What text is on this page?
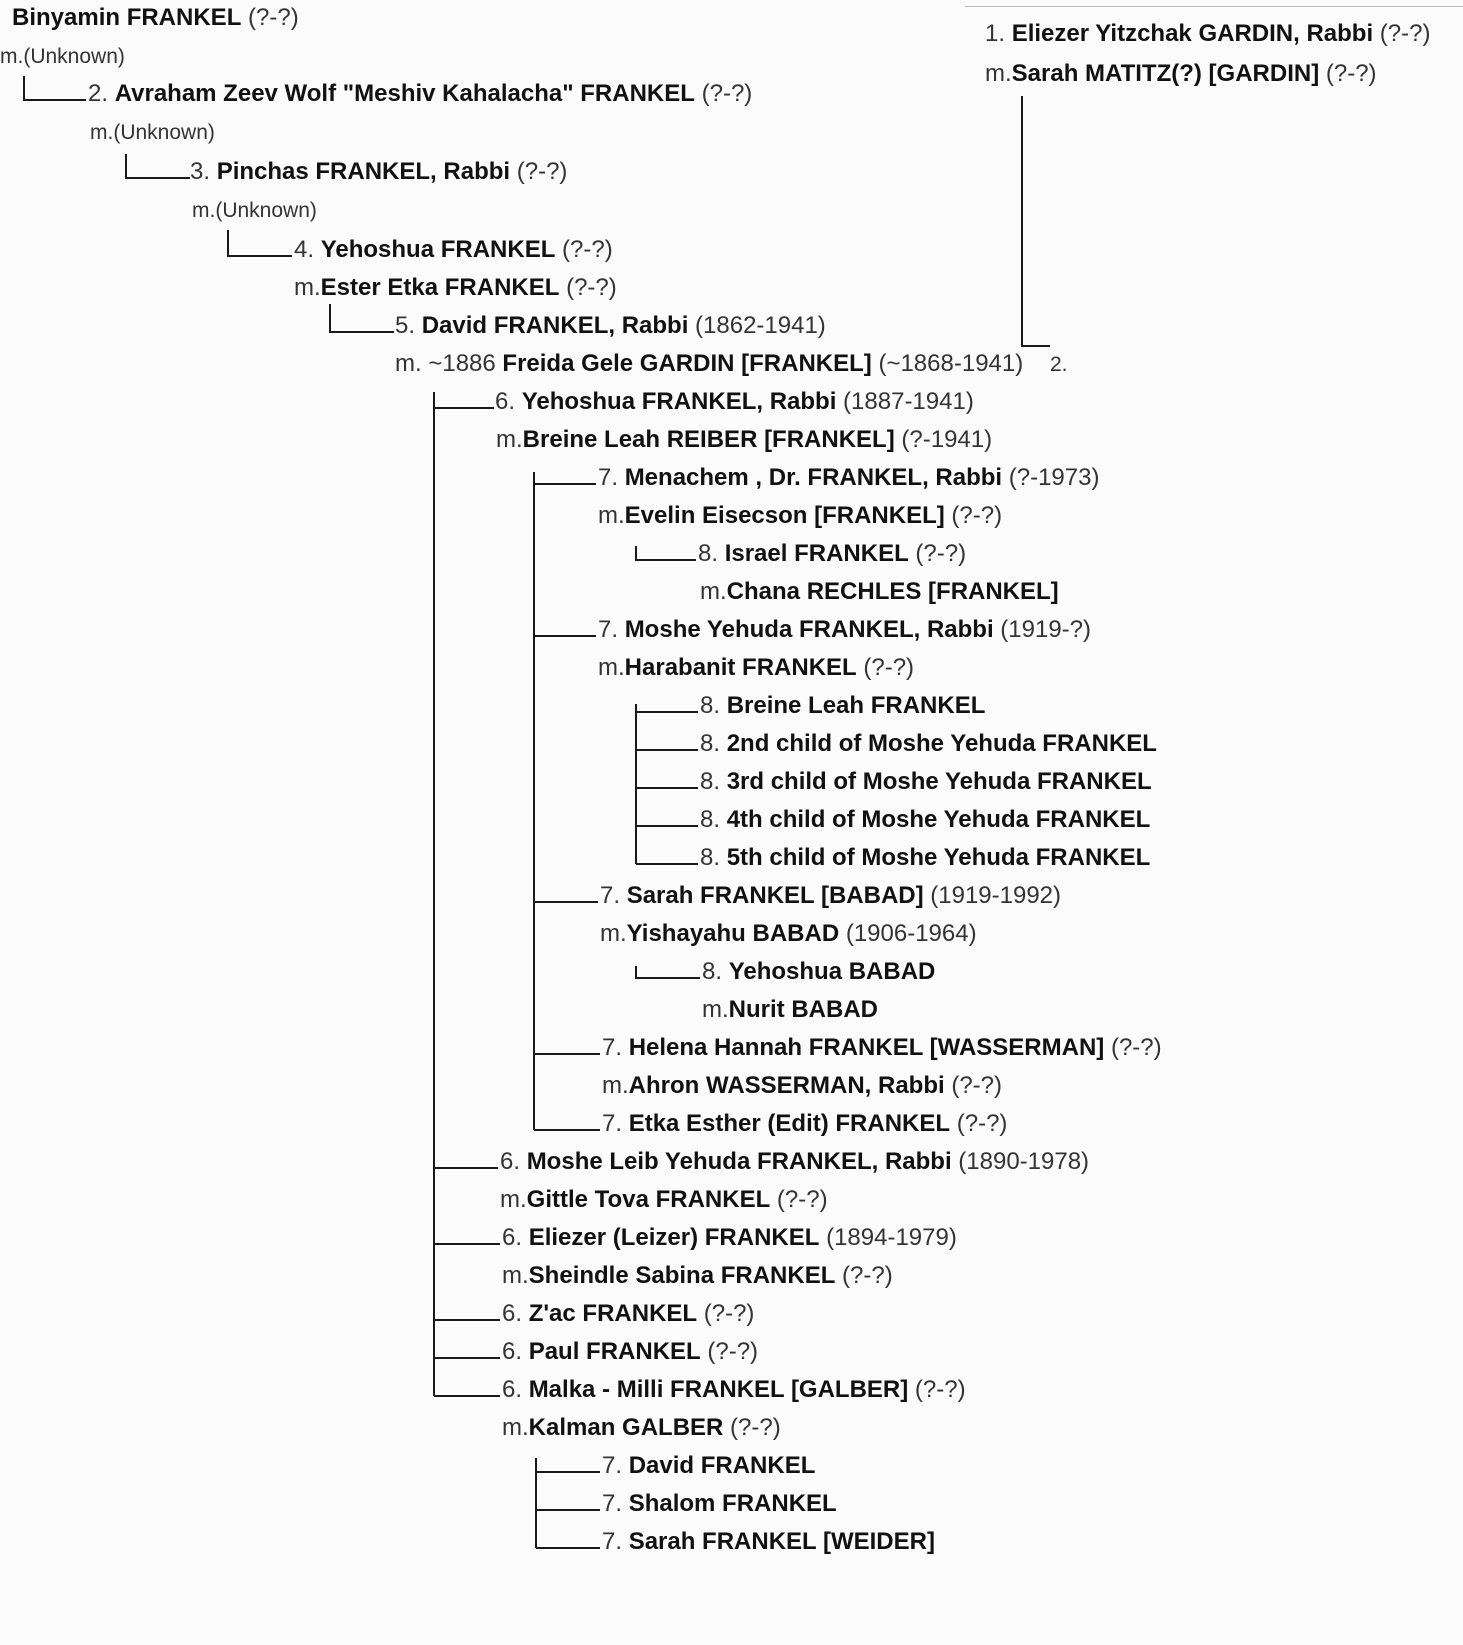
2.
Binyamin FRANKEL (?-?)
m.(Unknown)
2. Avraham Zeev Wolf "Meshiv Kahalacha" FRANKEL (?-?)
m.(Unknown)
3. Pinchas FRANKEL, Rabbi (?-?)
m.(Unknown)
4. Yehoshua FRANKEL (?-?)
m.Ester Etka FRANKEL (?-?)
5. David FRANKEL, Rabbi (1862-1941)
m. ~1886 Freida Gele GARDIN [FRANKEL] (~1868-1941)
6. Yehoshua FRANKEL, Rabbi (1887-1941)
m.Breine Leah REIBER [FRANKEL] (?-1941)
7. Menachem , Dr. FRANKEL, Rabbi (?-1973)
m.Evelin Eisecson [FRANKEL] (?-?)
8. Israel FRANKEL (?-?)
m.Chana RECHLES [FRANKEL]
7. Moshe Yehuda FRANKEL, Rabbi (1919-?)
m.Harabanit FRANKEL (?-?)
8. Breine Leah FRANKEL
8. 2nd child of Moshe Yehuda FRANKEL
8. 3rd child of Moshe Yehuda FRANKEL
8. 4th child of Moshe Yehuda FRANKEL
8. 5th child of Moshe Yehuda FRANKEL
7. Sarah FRANKEL [BABAD] (1919-1992)
m.Yishayahu BABAD (1906-1964)
8. Yehoshua BABAD
m.Nurit BABAD
7. Helena Hannah FRANKEL [WASSERMAN] (?-?)
m.Ahron WASSERMAN, Rabbi (?-?)
7. Etka Esther (Edit) FRANKEL (?-?)
6. Moshe Leib Yehuda FRANKEL, Rabbi (1890-1978)
m.Gittle Tova FRANKEL (?-?)
6. Eliezer (Leizer) FRANKEL (1894-1979)
m.Sheindle Sabina FRANKEL (?-?)
6. Z'ac FRANKEL (?-?)
6. Paul FRANKEL (?-?)
6. Malka - Milli FRANKEL [GALBER] (?-?)
m.Kalman GALBER (?-?)
7. David FRANKEL
7. Shalom FRANKEL
7. Sarah FRANKEL [WEIDER]
1. Eliezer Yitzchak GARDIN, Rabbi (?-?)
m.Sarah MATITZ(?) [GARDIN] (?-?)
